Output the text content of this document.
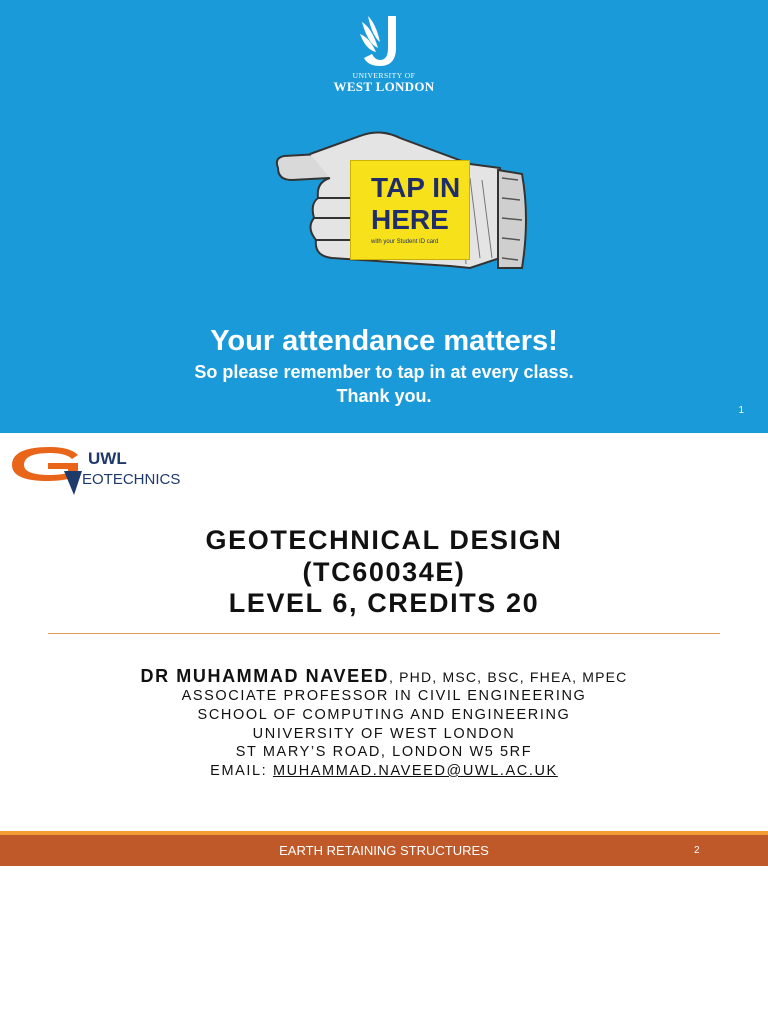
UNIVERSITY OF
WEST LONDON
TAP IN
HERE
with your Student ID card
Your attendance matters!
So please remember to tap in at every class.
Thank you.
1
UWL
EOTECHNICS
GEOTECHNICAL DESIGN
(TC60034E)
LEVEL 6, CREDITS 20
DR MUHAMMAD NAVEED, PHD, MSC, BSC, FHEA, MPEC
ASSOCIATE PROFESSOR IN CIVIL ENGINEERING
SCHOOL OF COMPUTING AND ENGINEERING
UNIVERSITY OF WEST LONDON
ST MARY’S ROAD, LONDON W5 5RF
EMAIL: MUHAMMAD.NAVEED@UWL.AC.UK
EARTH RETAINING STRUCTURES	2
